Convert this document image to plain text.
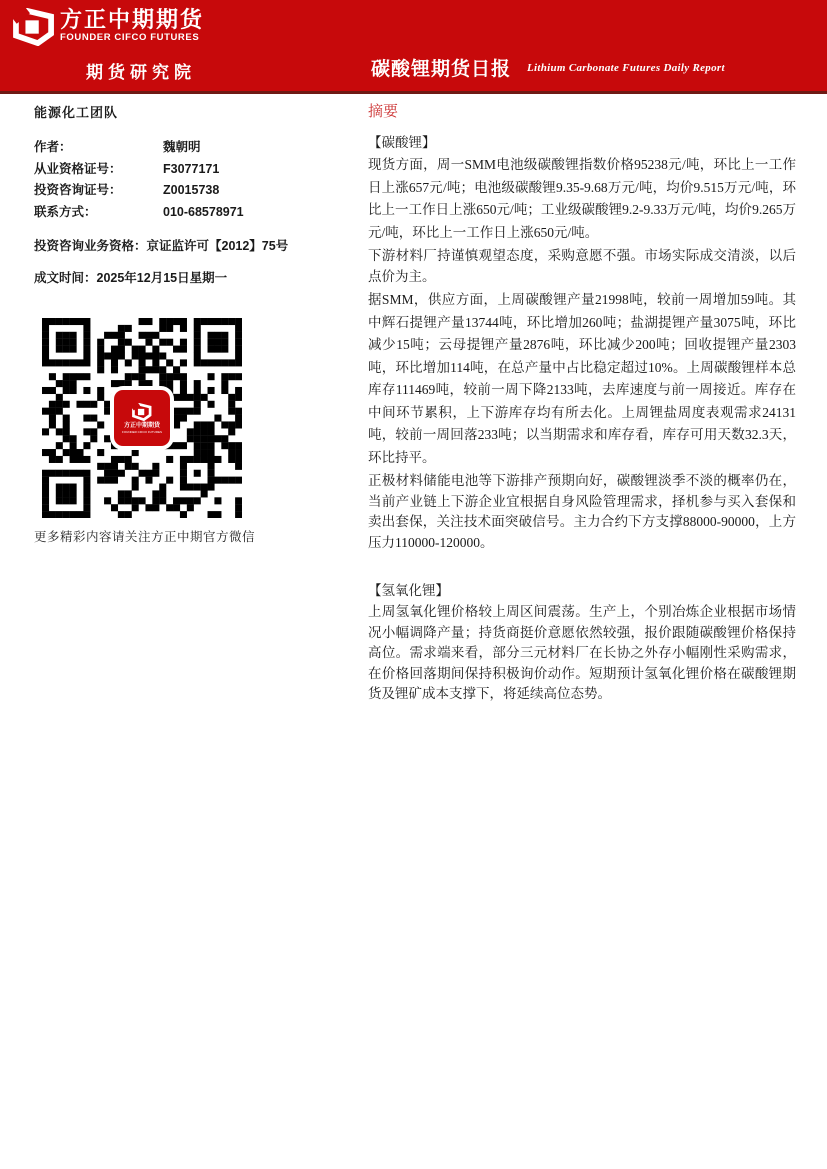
方正中期期货
FOUNDER CIFCO FUTURES
期货研究院	碳酸锂期货日报 Lithium Carbonate Futures Daily Report
能源化工团队
作者：	魏朝明
从业资格证号：	F3077171
投资咨询证号：	Z0015738
联系方式：	010-68578971
投资咨询业务资格：京证监许可【2012】75号
成文时间：2025年12月15日星期一
方正中期期货
FOUNDER CIFCO FUTURES
更多精彩内容请关注方正中期官方微信
摘要
【碳酸锂】

现货方面，周一SMM电池级碳酸锂指数价格95238元/吨，环比上一工作日上涨657元/吨；电池级碳酸锂9.35-9.68万元/吨，均价9.515万元/吨，环比上一工作日上涨650元/吨；工业级碳酸锂9.2-9.33万元/吨，均价9.265万元/吨，环比上一工作日上涨650元/吨。

下游材料厂持谨慎观望态度，采购意愿不强。市场实际成交清淡，以后点价为主。

据SMM，供应方面，上周碳酸锂产量21998吨，较前一周增加59吨。其中辉石提锂产量13744吨，环比增加260吨；盐湖提锂产量3075吨，环比减少15吨；云母提锂产量2876吨，环比减少200吨；回收提锂产量2303吨，环比增加114吨，在总产量中占比稳定超过10%。上周碳酸锂样本总库存111469吨，较前一周下降2133吨，去库速度与前一周接近。库存在中间环节累积，上下游库存均有所去化。上周锂盐周度表观需求24131吨，较前一周回落233吨；以当期需求和库存看，库存可用天数32.3天，环比持平。

正极材料储能电池等下游排产预期向好，碳酸锂淡季不淡的概率仍在，当前产业链上下游企业宜根据自身风险管理需求，择机参与买入套保和卖出套保，关注技术面突破信号。主力合约下方支撑88000-90000，上方压力110000-120000。

【氢氧化锂】

上周氢氧化锂价格较上周区间震荡。生产上，个别冶炼企业根据市场情况小幅调降产量；持货商挺价意愿依然较强，报价跟随碳酸锂价格保持高位。需求端来看，部分三元材料厂在长协之外存小幅刚性采购需求，在价格回落期间保持积极询价动作。短期预计氢氧化锂价格在碳酸锂期货及锂矿成本支撑下，将延续高位态势。
